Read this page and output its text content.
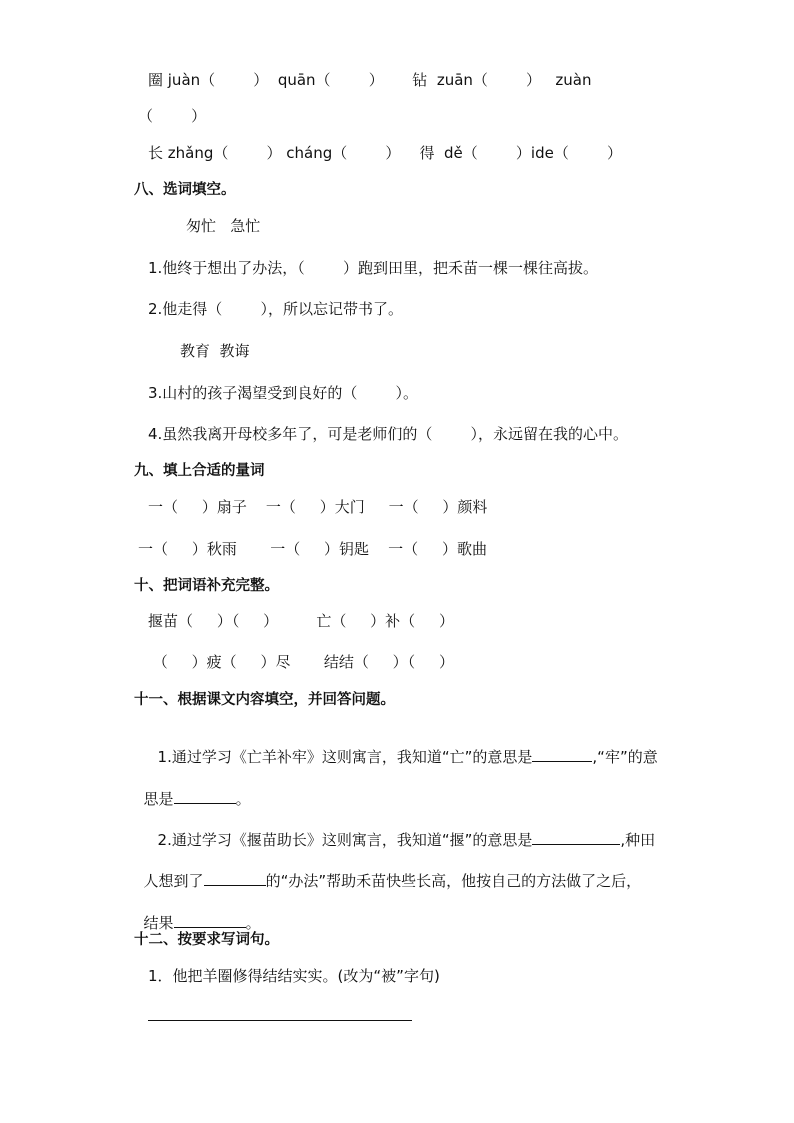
圈 juàn（        ）  quān（        ）      钻  zuān（        ）   zuàn
（        ）
长 zhǎng（        ） cháng（        ）    得  dě（        ）ide（        ）
八、选词填空。
匆忙   急忙
1.他终于想出了办法，（        ）跑到田里，把禾苗一棵一棵往高拔。
2.他走得（        ），所以忘记带书了。
教育  教诲
3.山村的孩子渴望受到良好的（        ）。
4.虽然我离开母校多年了，可是老师们的（        ），永远留在我的心中。
九、填上合适的量词
一（     ）扇子    一（     ）大门     一（     ）颜料
一（     ）秋雨       一（     ）钥匙    一（     ）歌曲
十、把词语补充完整。
揠苗（     ）（     ）        亡（     ）补（     ）
（     ）疲（     ）尽       结结（     ）（     ）
十一、根据课文内容填空，并回答问题。

1.通过学习《亡羊补牢》这则寓言，我知道“亡”的意思是	,“牢”的意

思是	。

2.通过学习《揠苗助长》这则寓言，我知道“揠”的意思是	,种田

人想到了	的“办法”帮助禾苗快些长高，他按自己的方法做了之后，

结果	。

十二、按要求写词句。
1．他把羊圈修得结结实实。(改为“被”字句)
